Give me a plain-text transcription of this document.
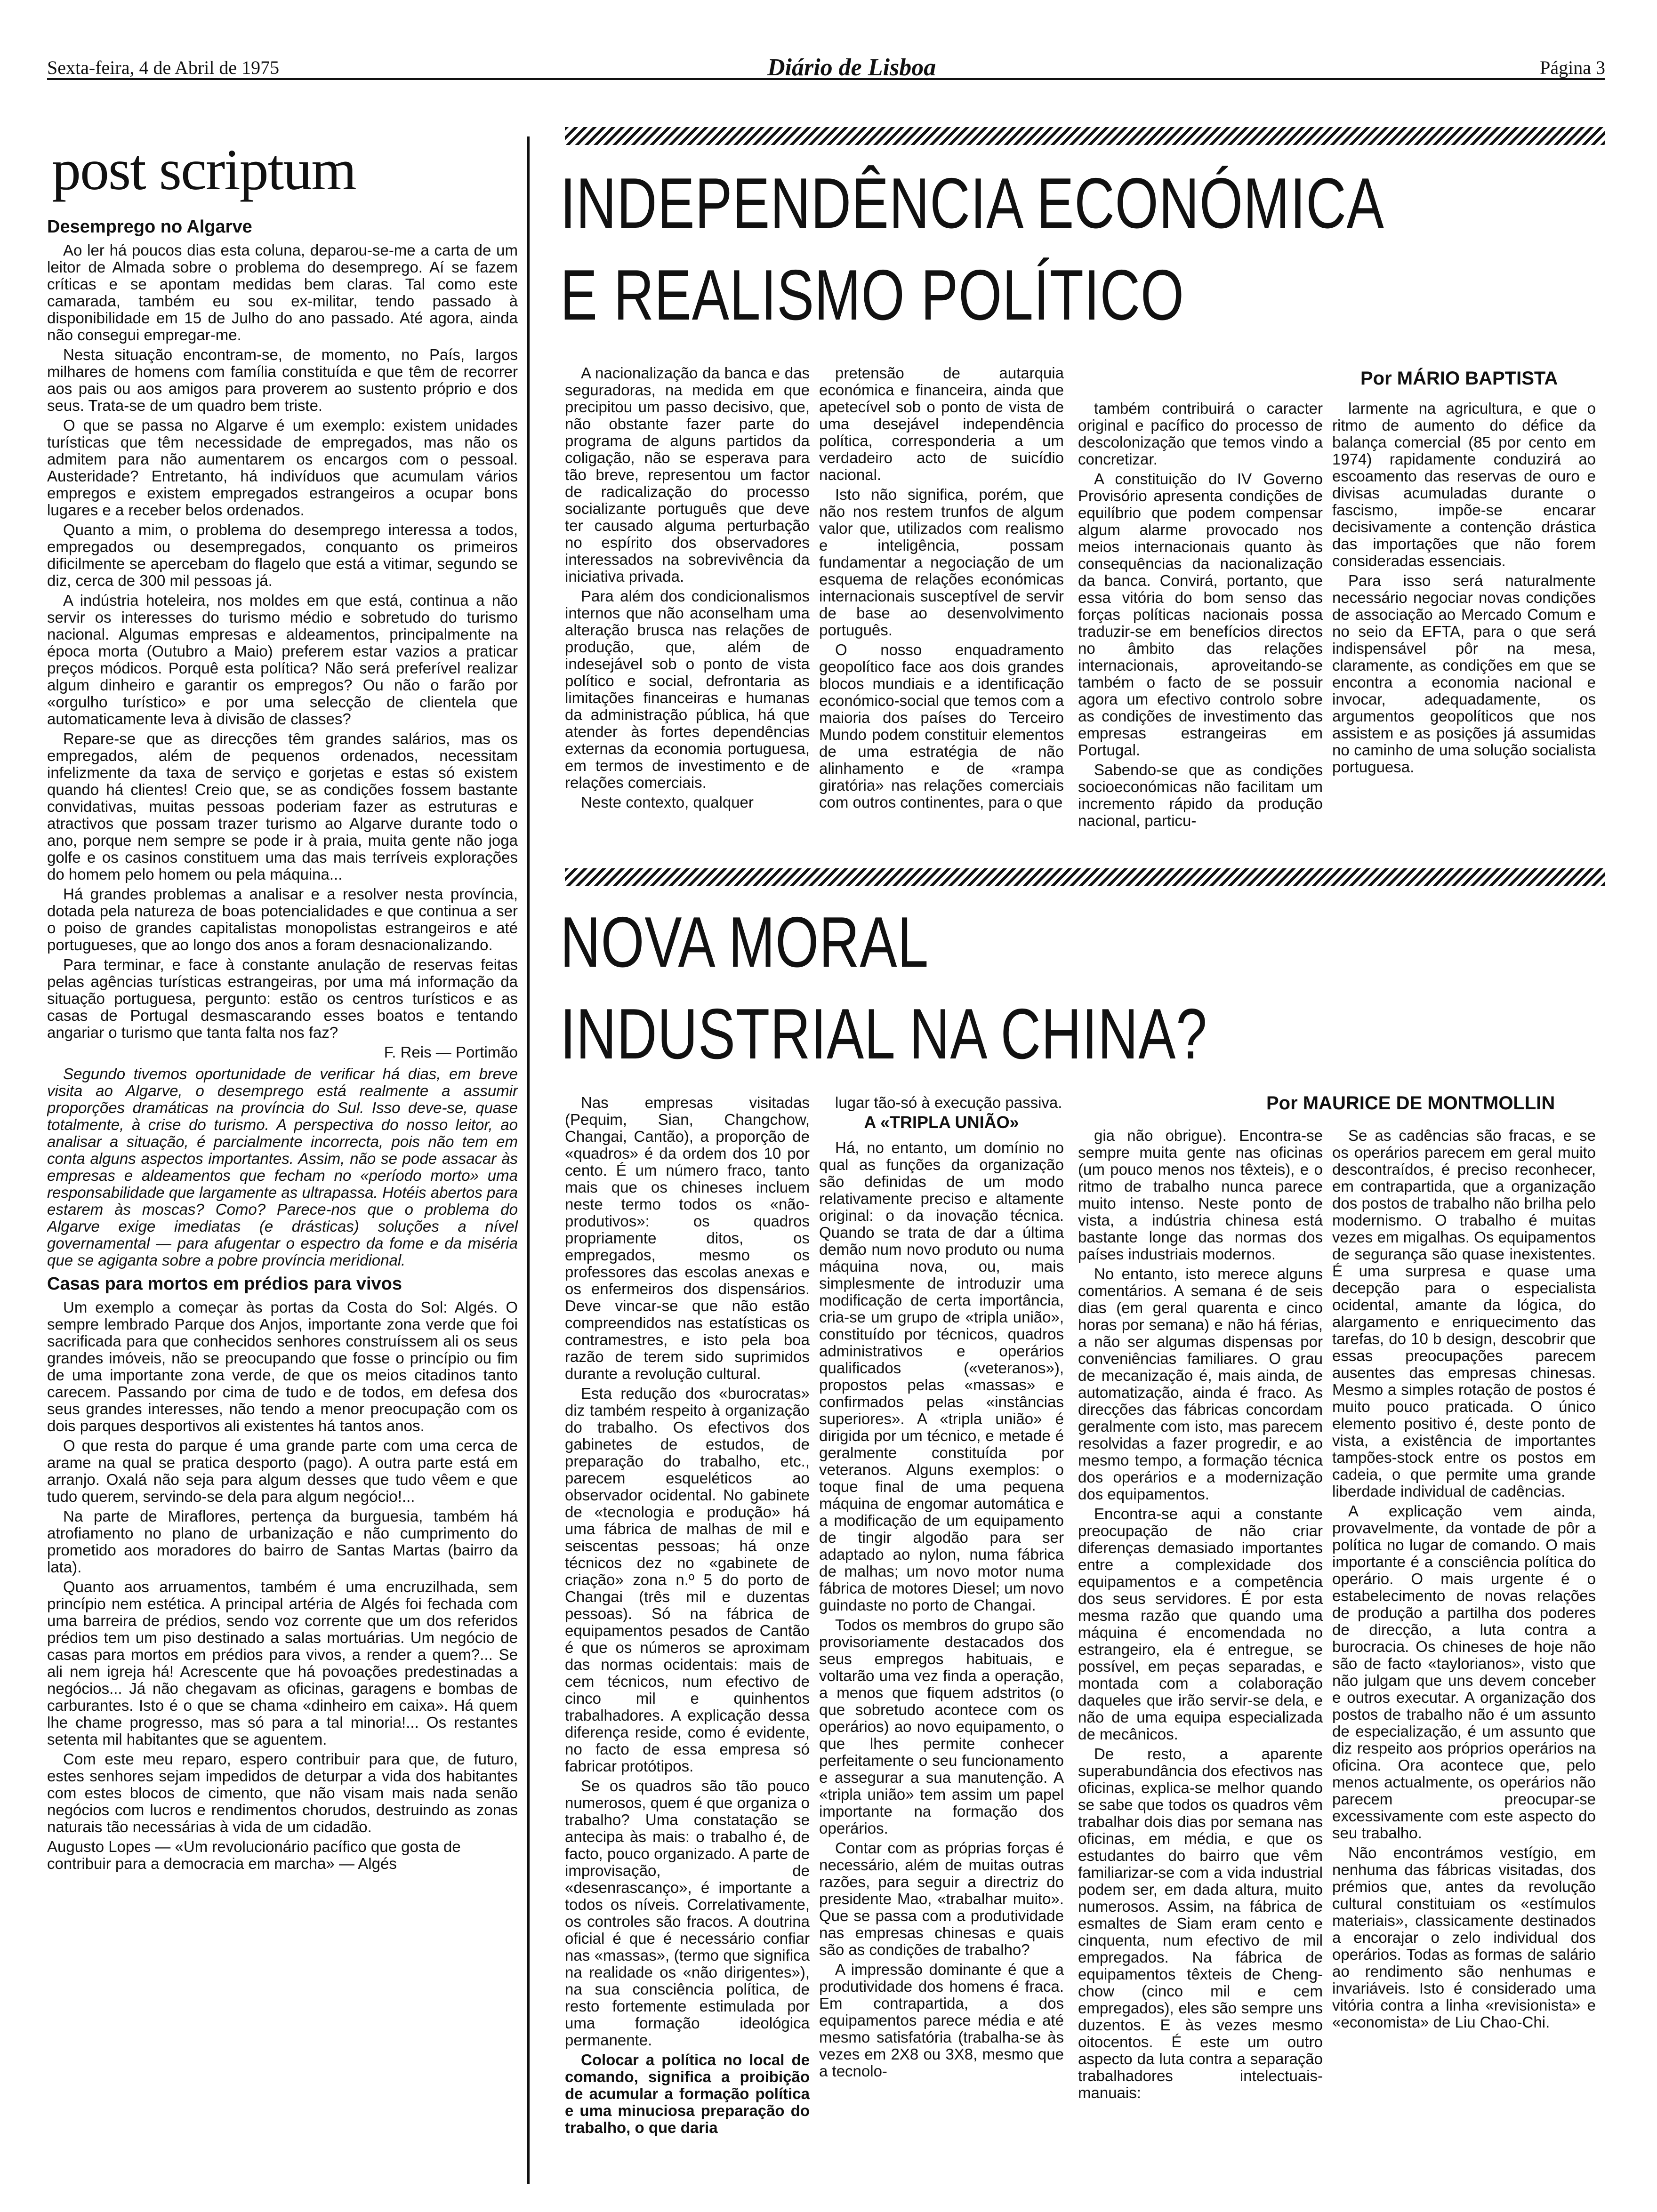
Sexta-feira, 4 de Abril de 1975	Diário de Lisboa	Página 3
post scriptum
Desemprego no Algarve

Ao ler há poucos dias esta coluna, deparou-se-me a carta de um leitor de Almada sobre o problema do desemprego. Aí se fazem críticas e se apontam medidas bem claras. Tal como este camarada, também eu sou ex-militar, tendo passado à disponibilidade em 15 de Julho do ano passado. Até agora, ainda não consegui empregar-me.

Nesta situação encontram-se, de momento, no País, largos milhares de homens com família constituída e que têm de recorrer aos pais ou aos amigos para proverem ao sustento próprio e dos seus. Trata-se de um quadro bem triste.

O que se passa no Algarve é um exemplo: existem unidades turísticas que têm necessidade de empregados, mas não os admitem para não aumentarem os encargos com o pessoal. Austeridade? Entretanto, há indivíduos que acumulam vários empregos e existem empregados estrangeiros a ocupar bons lugares e a receber belos ordenados.

Quanto a mim, o problema do desemprego interessa a todos, empregados ou desempregados, conquanto os primeiros dificilmente se apercebam do flagelo que está a vitimar, segundo se diz, cerca de 300 mil pessoas já.

A indústria hoteleira, nos moldes em que está, continua a não servir os interesses do turismo médio e sobretudo do turismo nacional. Algumas empresas e aldeamentos, principalmente na época morta (Outubro a Maio) preferem estar vazios a praticar preços módicos. Porquê esta política? Não será preferível realizar algum dinheiro e garantir os empregos? Ou não o farão por «orgulho turístico» e por uma selecção de clientela que automaticamente leva à divisão de classes?

Repare-se que as direcções têm grandes salários, mas os empregados, além de pequenos ordenados, necessitam infelizmente da taxa de serviço e gorjetas e estas só existem quando há clientes! Creio que, se as condições fossem bastante convidativas, muitas pessoas poderiam fazer as estruturas e atractivos que possam trazer turismo ao Algarve durante todo o ano, porque nem sempre se pode ir à praia, muita gente não joga golfe e os casinos constituem uma das mais terríveis explorações do homem pelo homem ou pela máquina...

Há grandes problemas a analisar e a resolver nesta província, dotada pela natureza de boas potencialidades e que continua a ser o poiso de grandes capitalistas monopolistas estrangeiros e até portugueses, que ao longo dos anos a foram desnacionalizando.

Para terminar, e face à constante anulação de reservas feitas pelas agências turísticas estrangeiras, por uma má informação da situação portuguesa, pergunto: estão os centros turísticos e as casas de Portugal desmascarando esses boatos e tentando angariar o turismo que tanta falta nos faz?

F. Reis — Portimão

Segundo tivemos oportunidade de verificar há dias, em breve visita ao Algarve, o desemprego está realmente a assumir proporções dramáticas na província do Sul. Isso deve-se, quase totalmente, à crise do turismo. A perspectiva do nosso leitor, ao analisar a situação, é parcialmente incorrecta, pois não tem em conta alguns aspectos importantes. Assim, não se pode assacar às empresas e aldeamentos que fecham no «período morto» uma responsabilidade que largamente as ultrapassa. Hotéis abertos para estarem às moscas? Como? Parece-nos que o problema do Algarve exige imediatas (e drásticas) soluções a nível governamental — para afugentar o espectro da fome e da miséria que se agiganta sobre a pobre província meridional.

Casas para mortos em prédios para vivos

Um exemplo a começar às portas da Costa do Sol: Algés. O sempre lembrado Parque dos Anjos, importante zona verde que foi sacrificada para que conhecidos senhores construíssem ali os seus grandes imóveis, não se preocupando que fosse o princípio ou fim de uma importante zona verde, de que os meios citadinos tanto carecem. Passando por cima de tudo e de todos, em defesa dos seus grandes interesses, não tendo a menor preocupação com os dois parques desportivos ali existentes há tantos anos.

O que resta do parque é uma grande parte com uma cerca de arame na qual se pratica desporto (pago). A outra parte está em arranjo. Oxalá não seja para algum desses que tudo vêem e que tudo querem, servindo-se dela para algum negócio!...

Na parte de Miraflores, pertença da burguesia, também há atrofiamento no plano de urbanização e não cumprimento do prometido aos moradores do bairro de Santas Martas (bairro da lata).

Quanto aos arruamentos, também é uma encruzilhada, sem princípio nem estética. A principal artéria de Algés foi fechada com uma barreira de prédios, sendo voz corrente que um dos referidos prédios tem um piso destinado a salas mortuárias. Um negócio de casas para mortos em prédios para vivos, a render a quem?... Se ali nem igreja há! Acrescente que há povoações predestinadas a negócios... Já não chegavam as oficinas, garagens e bombas de carburantes. Isto é o que se chama «dinheiro em caixa». Há quem lhe chame progresso, mas só para a tal minoria!... Os restantes setenta mil habitantes que se aguentem.

Com este meu reparo, espero contribuir para que, de futuro, estes senhores sejam impedidos de deturpar a vida dos habitantes com estes blocos de cimento, que não visam mais nada senão negócios com lucros e rendimentos chorudos, destruindo as zonas naturais tão necessárias à vida de um cidadão.

Augusto Lopes — «Um revolucionário pacífico que gosta de contribuir para a democracia em marcha» — Algés
INDEPENDÊNCIA ECONÓMICA
E REALISMO POLÍTICO
Por MÁRIO BAPTISTA

A nacionalização da banca e das seguradoras, na medida em que precipitou um passo decisivo, que, não obstante fazer parte do programa de alguns partidos da coligação, não se esperava para tão breve, representou um factor de radicalização do processo socializante português que deve ter causado alguma perturbação no espírito dos observadores interessados na sobrevivência da iniciativa privada.

Para além dos condicionalismos internos que não aconselham uma alteração brusca nas relações de produção, que, além de indesejável sob o ponto de vista político e social, defrontaria as limitações financeiras e humanas da administração pública, há que atender às fortes dependências externas da economia portuguesa, em termos de investimento e de relações comerciais.

Neste contexto, qualquer

pretensão de autarquia económica e financeira, ainda que apetecível sob o ponto de vista de uma desejável independência política, corresponderia a um verdadeiro acto de suicídio nacional.

Isto não significa, porém, que não nos restem trunfos de algum valor que, utilizados com realismo e inteligência, possam fundamentar a negociação de um esquema de relações económicas internacionais susceptível de servir de base ao desenvolvimento português.

O nosso enquadramento geopolítico face aos dois grandes blocos mundiais e a identificação económico-social que temos com a maioria dos países do Terceiro Mundo podem constituir elementos de uma estratégia de não alinhamento e de «rampa giratória» nas relações comerciais com outros continentes, para o que

também contribuirá o caracter original e pacífico do processo de descolonização que temos vindo a concretizar.

A constituição do IV Governo Provisório apresenta condições de equilíbrio que podem compensar algum alarme provocado nos meios internacionais quanto às consequências da nacionalização da banca. Convirá, portanto, que essa vitória do bom senso das forças políticas nacionais possa traduzir-se em benefícios directos no âmbito das relações internacionais, aproveitando-se também o facto de se possuir agora um efectivo controlo sobre as condições de investimento das empresas estrangeiras em Portugal.

Sabendo-se que as condições socioeconómicas não facilitam um incremento rápido da produção nacional, particu-

larmente na agricultura, e que o ritmo de aumento do défice da balança comercial (85 por cento em 1974) rapidamente conduzirá ao escoamento das reservas de ouro e divisas acumuladas durante o fascismo, impõe-se encarar decisivamente a contenção drástica das importações que não forem consideradas essenciais.

Para isso será naturalmente necessário negociar novas condições de associação ao Mercado Comum e no seio da EFTA, para o que será indispensável pôr na mesa, claramente, as condições em que se encontra a economia nacional e invocar, adequadamente, os argumentos geopolíticos que nos assistem e as posições já assumidas no caminho de uma solução socialista portuguesa.

NOVA MORAL
INDUSTRIAL NA CHINA?
Por MAURICE DE MONTMOLLIN

Nas empresas visitadas (Pequim, Sian, Changchow, Changai, Cantão), a proporção de «quadros» é da ordem dos 10 por cento. É um número fraco, tanto mais que os chineses incluem neste termo todos os «não-produtivos»: os quadros propriamente ditos, os empregados, mesmo os professores das escolas anexas e os enfermeiros dos dispensários. Deve vincar-se que não estão compreendidos nas estatísticas os contramestres, e isto pela boa razão de terem sido suprimidos durante a revolução cultural.

Esta redução dos «burocratas» diz também respeito à organização do trabalho. Os efectivos dos gabinetes de estudos, de preparação do trabalho, etc., parecem esqueléticos ao observador ocidental. No gabinete de «tecnologia e produção» há uma fábrica de malhas de mil e seiscentas pessoas; há onze técnicos dez no «gabinete de criação» zona n.º 5 do porto de Changai (três mil e duzentas pessoas). Só na fábrica de equipamentos pesados de Cantão é que os números se aproximam das normas ocidentais: mais de cem técnicos, num efectivo de cinco mil e quinhentos trabalhadores. A explicação dessa diferença reside, como é evidente, no facto de essa empresa só fabricar protótipos.

Se os quadros são tão pouco numerosos, quem é que organiza o trabalho? Uma constatação se antecipa às mais: o trabalho é, de facto, pouco organizado. A parte de improvisação, de «desenrascanço», é importante a todos os níveis. Correlativamente, os controles são fracos. A doutrina oficial é que é necessário confiar nas «massas», (termo que significa na realidade os «não dirigentes»), na sua consciência política, de resto fortemente estimulada por uma formação ideológica permanente.

Colocar a política no local de comando, significa a proibição de acumular a formação política e uma minuciosa preparação do trabalho, o que daria

lugar tão-só à execução passiva.

A «TRIPLA UNIÃO»

Há, no entanto, um domínio no qual as funções da organização são definidas de um modo relativamente preciso e altamente original: o da inovação técnica. Quando se trata de dar a última demão num novo produto ou numa máquina nova, ou, mais simplesmente de introduzir uma modificação de certa importância, cria-se um grupo de «tripla união», constituído por técnicos, quadros administrativos e operários qualificados («veteranos»), propostos pelas «massas» e confirmados pelas «instâncias superiores». A «tripla união» é dirigida por um técnico, e metade é geralmente constituída por veteranos. Alguns exemplos: o toque final de uma pequena máquina de engomar automática e a modificação de um equipamento de tingir algodão para ser adaptado ao nylon, numa fábrica de malhas; um novo motor numa fábrica de motores Diesel; um novo guindaste no porto de Changai.

Todos os membros do grupo são provisoriamente destacados dos seus empregos habituais, e voltarão uma vez finda a operação, a menos que fiquem adstritos (o que sobretudo acontece com os operários) ao novo equipamento, o que lhes permite conhecer perfeitamente o seu funcionamento e assegurar a sua manutenção. A «tripla união» tem assim um papel importante na formação dos operários.

Contar com as próprias forças é necessário, além de muitas outras razões, para seguir a directriz do presidente Mao, «trabalhar muito». Que se passa com a produtividade nas empresas chinesas e quais são as condições de trabalho?

A impressão dominante é que a produtividade dos homens é fraca. Em contrapartida, a dos equipamentos parece média e até mesmo satisfatória (trabalha-se às vezes em 2X8 ou 3X8, mesmo que a tecnolo-

gia não obrigue). Encontra-se sempre muita gente nas oficinas (um pouco menos nos têxteis), e o ritmo de trabalho nunca parece muito intenso. Neste ponto de vista, a indústria chinesa está bastante longe das normas dos países industriais modernos.

No entanto, isto merece alguns comentários. A semana é de seis dias (em geral quarenta e cinco horas por semana) e não há férias, a não ser algumas dispensas por conveniências familiares. O grau de mecanização é, mais ainda, de automatização, ainda é fraco. As direcções das fábricas concordam geralmente com isto, mas parecem resolvidas a fazer progredir, e ao mesmo tempo, a formação técnica dos operários e a modernização dos equipamentos.

Encontra-se aqui a constante preocupação de não criar diferenças demasiado importantes entre a complexidade dos equipamentos e a competência dos seus servidores. É por esta mesma razão que quando uma máquina é encomendada no estrangeiro, ela é entregue, se possível, em peças separadas, e montada com a colaboração daqueles que irão servir-se dela, e não de uma equipa especializada de mecânicos.

De resto, a aparente superabundância dos efectivos nas oficinas, explica-se melhor quando se sabe que todos os quadros vêm trabalhar dois dias por semana nas oficinas, em média, e que os estudantes do bairro que vêm familiarizar-se com a vida industrial podem ser, em dada altura, muito numerosos. Assim, na fábrica de esmaltes de Siam eram cento e cinquenta, num efectivo de mil empregados. Na fábrica de equipamentos têxteis de Cheng-chow (cinco mil e cem empregados), eles são sempre uns duzentos. E às vezes mesmo oitocentos. É este um outro aspecto da luta contra a separação trabalhadores intelectuais-manuais:

Se as cadências são fracas, e se os operários parecem em geral muito descontraídos, é preciso reconhecer, em contrapartida, que a organização dos postos de trabalho não brilha pelo modernismo. O trabalho é muitas vezes em migalhas. Os equipamentos de segurança são quase inexistentes. É uma surpresa e quase uma decepção para o especialista ocidental, amante da lógica, do alargamento e enriquecimento das tarefas, do 10 b design, descobrir que essas preocupações parecem ausentes das empresas chinesas. Mesmo a simples rotação de postos é muito pouco praticada. O único elemento positivo é, deste ponto de vista, a existência de importantes tampões-stock entre os postos em cadeia, o que permite uma grande liberdade individual de cadências.

A explicação vem ainda, provavelmente, da vontade de pôr a política no lugar de comando. O mais importante é a consciência política do operário. O mais urgente é o estabelecimento de novas relações de produção a partilha dos poderes de direcção, a luta contra a burocracia. Os chineses de hoje não são de facto «taylorianos», visto que não julgam que uns devem conceber e outros executar. A organização dos postos de trabalho não é um assunto de especialização, é um assunto que diz respeito aos próprios operários na oficina. Ora acontece que, pelo menos actualmente, os operários não parecem preocupar-se excessivamente com este aspecto do seu trabalho.

Não encontrámos vestígio, em nenhuma das fábricas visitadas, dos prémios que, antes da revolução cultural constituiam os «estímulos materiais», classicamente destinados a encorajar o zelo individual dos operários. Todas as formas de salário ao rendimento são nenhumas e invariáveis. Isto é considerado uma vitória contra a linha «revisionista» e «economista» de Liu Chao-Chi.
